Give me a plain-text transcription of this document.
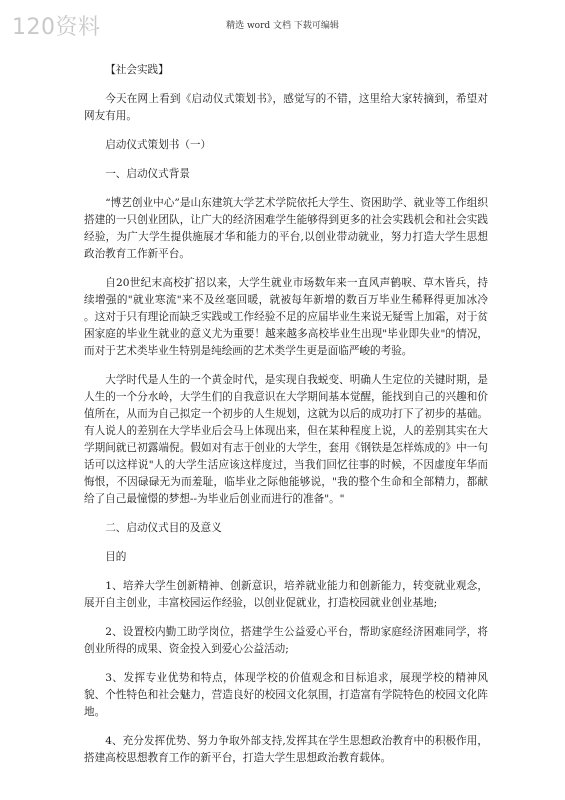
120资料	精选 word 文档 下载可编辑

【社会实践】

今天在网上看到《启动仪式策划书》，感觉写的不错，这里给大家转摘到，希望对网友有用。

启动仪式策划书（一）

一、启动仪式背景

“博艺创业中心”是山东建筑大学艺术学院依托大学生、资困助学、就业等工作组织搭建的一只创业团队，让广大的经济困难学生能够得到更多的社会实践机会和社会实践经验，为广大学生提供施展才华和能力的平台,以创业带动就业，努力打造大学生思想政治教育工作新平台。

自20世纪末高校扩招以来，大学生就业市场数年来一直风声鹤唳、草木皆兵，持续增强的"就业寒流"来不及丝毫回暖，就被每年新增的数百万毕业生稀释得更加冰冷 。这对于只有理论而缺乏实践或工作经验不足的应届毕业生来说无疑雪上加霜，对于贫困家庭的毕业生就业的意义尤为重要！越来越多高校毕业生出现"毕业即失业"的情况，而对于艺术类毕业生特别是纯绘画的艺术类学生更是面临严峻的考验。

大学时代是人生的一个黄金时代，是实现自我蜕变、明确人生定位的关键时期，是人生的一个分水岭，大学生们的自我意识在大学期间基本觉醒，能找到自己的兴趣和价值所在，从而为自己拟定一个初步的人生规划，这就为以后的成功打下了初步的基础。有人说人的差别在大学毕业后会马上体现出来，但在某种程度上说，人的差别其实在大学期间就已初露端倪。假如对有志于创业的大学生，套用《钢铁是怎样炼成的》中一句话可以这样说"人的大学生活应该这样度过，当我们回忆往事的时候，不因虚度年华而悔恨，不因碌碌无为而羞耻，临毕业之际他能够说，"我的整个生命和全部精力，都献给了自己最憧憬的梦想--为毕业后创业而进行的准备"。"

二、启动仪式目的及意义

目的

1、培养大学生创新精神、创新意识，培养就业能力和创新能力，转变就业观念，展开自主创业，丰富校园运作经验，以创业促就业，打造校园就业创业基地;

2、设置校内勤工助学岗位，搭建学生公益爱心平台，帮助家庭经济困难同学，将创业所得的成果、资金投入到爱心公益活动;

3、发挥专业优势和特点，体现学校的价值观念和目标追求，展现学校的精神风貌、个性特色和社会魅力，营造良好的校园文化氛围，打造富有学院特色的校园文化阵地。

4、充分发挥优势、努力争取外部支持,发挥其在学生思想政治教育中的积极作用，搭建高校思想教育工作的新平台，打造大学生思想政治教育载体。
